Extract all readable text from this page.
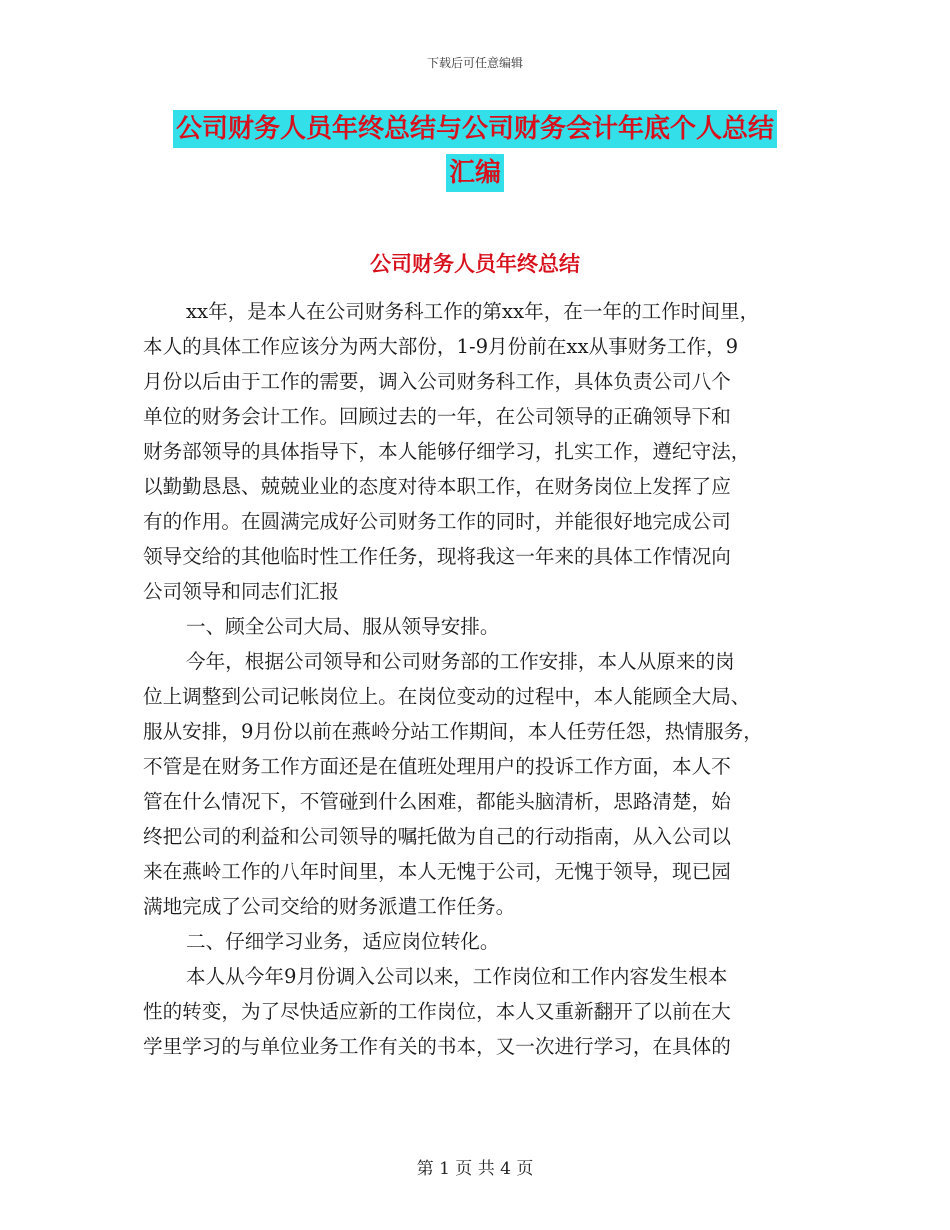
下载后可任意编辑
公司财务人员年终总结与公司财务会计年底个人总结
汇编
公司财务人员年终总结
xx年，是本人在公司财务科工作的第xx年，在一年的工作时间里，
本人的具体工作应该分为两大部份，1-9月份前在xx从事财务工作，9
月份以后由于工作的需要，调入公司财务科工作，具体负责公司八个
单位的财务会计工作。回顾过去的一年，在公司领导的正确领导下和
财务部领导的具体指导下，本人能够仔细学习，扎实工作，遵纪守法，
以勤勤恳恳、兢兢业业的态度对待本职工作，在财务岗位上发挥了应
有的作用。在圆满完成好公司财务工作的同时，并能很好地完成公司
领导交给的其他临时性工作任务，现将我这一年来的具体工作情况向
公司领导和同志们汇报
一、顾全公司大局、服从领导安排。
今年，根据公司领导和公司财务部的工作安排，本人从原来的岗
位上调整到公司记帐岗位上。在岗位变动的过程中，本人能顾全大局、
服从安排，9月份以前在燕岭分站工作期间，本人任劳任怨，热情服务，
不管是在财务工作方面还是在值班处理用户的投诉工作方面，本人不
管在什么情况下，不管碰到什么困难，都能头脑清析，思路清楚，始
终把公司的利益和公司领导的嘱托做为自己的行动指南，从入公司以
来在燕岭工作的八年时间里，本人无愧于公司，无愧于领导，现已园
满地完成了公司交给的财务派遣工作任务。
二、仔细学习业务，适应岗位转化。
本人从今年9月份调入公司以来，工作岗位和工作内容发生根本
性的转变，为了尽快适应新的工作岗位，本人又重新翻开了以前在大
学里学习的与单位业务工作有关的书本，又一次进行学习，在具体的
第 1 页 共 4 页
